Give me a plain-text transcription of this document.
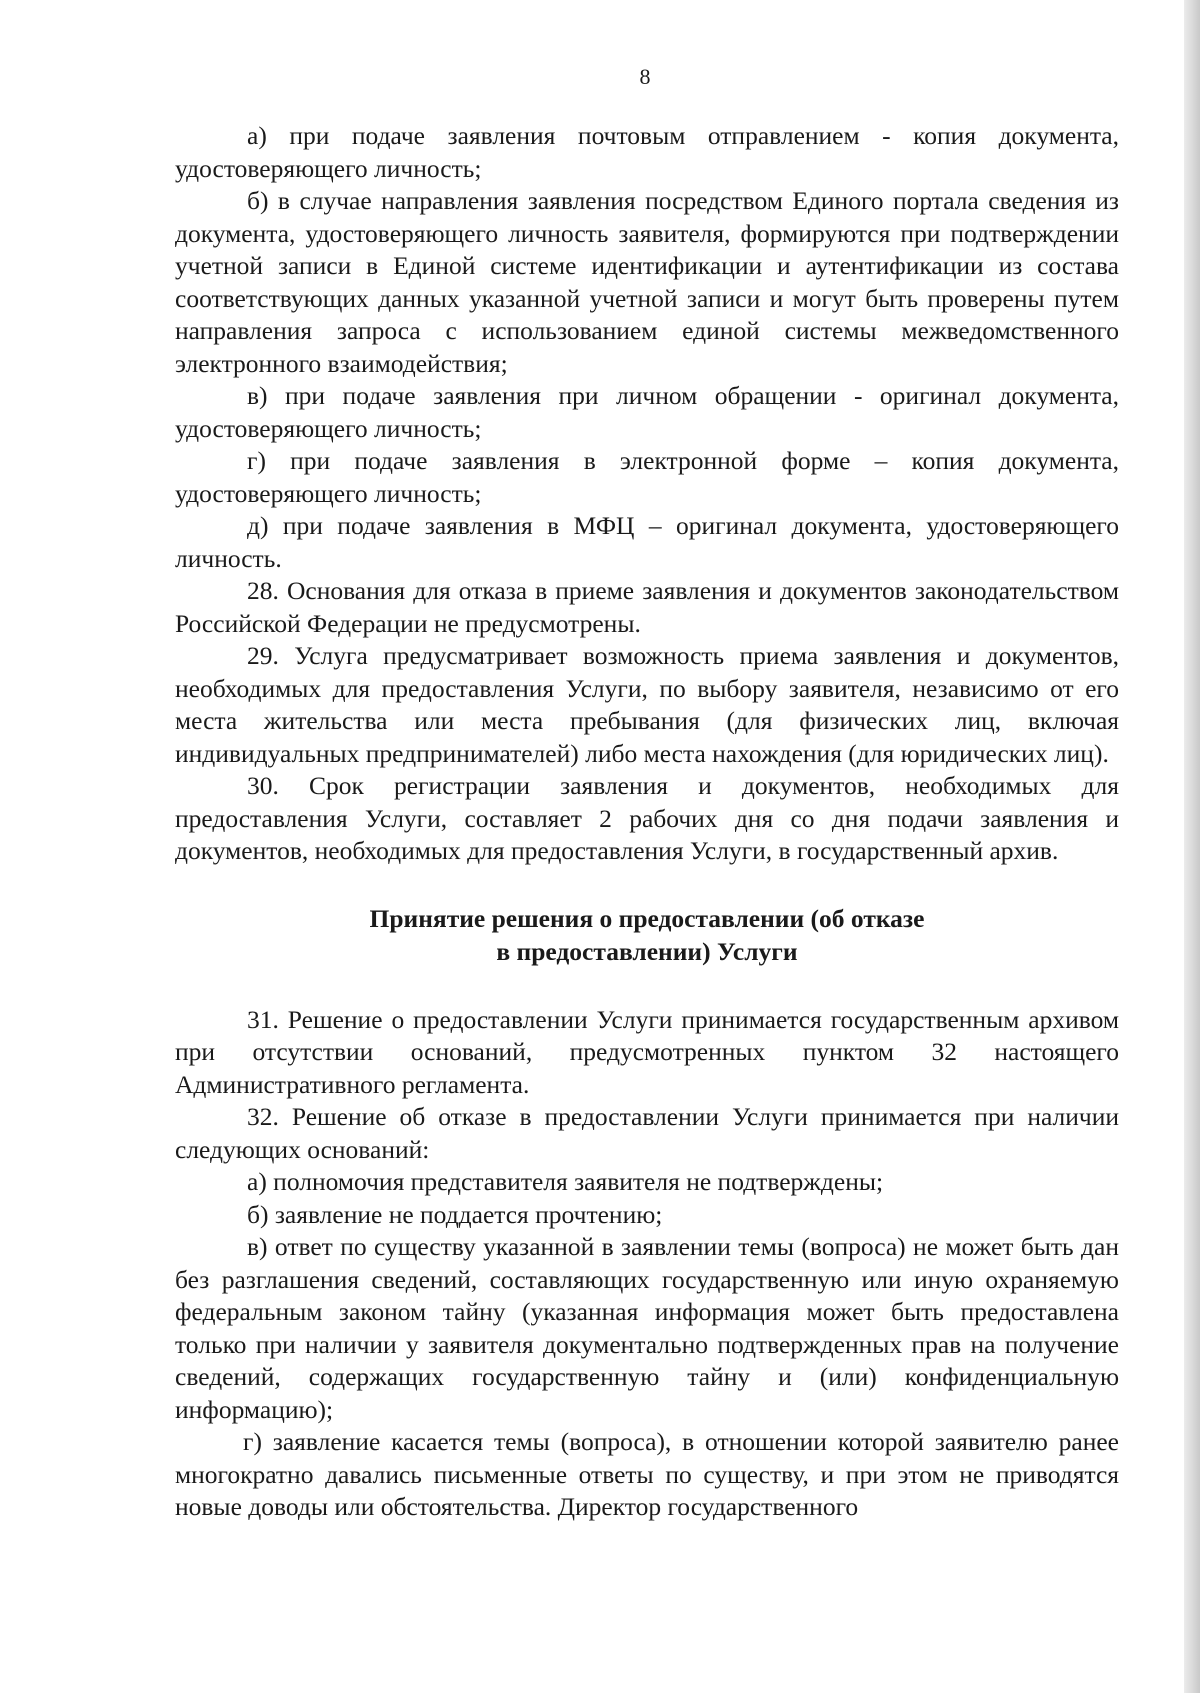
8

а) при подаче заявления почтовым отправлением - копия документа, удостоверяющего личность;

б) в случае направления заявления посредством Единого портала сведения из документа, удостоверяющего личность заявителя, формируются при подтверждении учетной записи в Единой системе идентификации и аутентификации из состава соответствующих данных указанной учетной записи и могут быть проверены путем направления запроса с использованием единой системы межведомственного электронного взаимодействия;

в) при подаче заявления при личном обращении - оригинал документа, удостоверяющего личность;

г) при подаче заявления в электронной форме – копия документа, удостоверяющего личность;

д) при подаче заявления в МФЦ – оригинал документа, удостоверяющего личность.

28. Основания для отказа в приеме заявления и документов законодательством Российской Федерации не предусмотрены.

29. Услуга предусматривает возможность приема заявления и документов, необходимых для предоставления Услуги, по выбору заявителя, независимо от его места жительства или места пребывания (для физических лиц, включая индивидуальных предпринимателей) либо места нахождения (для юридических лиц).

30. Срок регистрации заявления и документов, необходимых для предоставления Услуги, составляет 2 рабочих дня со дня подачи заявления и документов, необходимых для предоставления Услуги, в государственный архив.

Принятие решения о предоставлении (об отказе
в предоставлении) Услуги

31. Решение о предоставлении Услуги принимается государственным архивом при отсутствии оснований, предусмотренных пунктом 32 настоящего Административного регламента.

32. Решение об отказе в предоставлении Услуги принимается при наличии следующих оснований:

а) полномочия представителя заявителя не подтверждены;

б) заявление не поддается прочтению;

в) ответ по существу указанной в заявлении темы (вопроса) не может быть дан без разглашения сведений, составляющих государственную или иную охраняемую федеральным законом тайну (указанная информация может быть предоставлена только при наличии у заявителя документально подтвержденных прав на получение сведений, содержащих государственную тайну и (или) конфиденциальную информацию);

г) заявление касается темы (вопроса), в отношении которой заявителю ранее многократно давались письменные ответы по существу, и при этом не приводятся новые доводы или обстоятельства. Директор государственного
